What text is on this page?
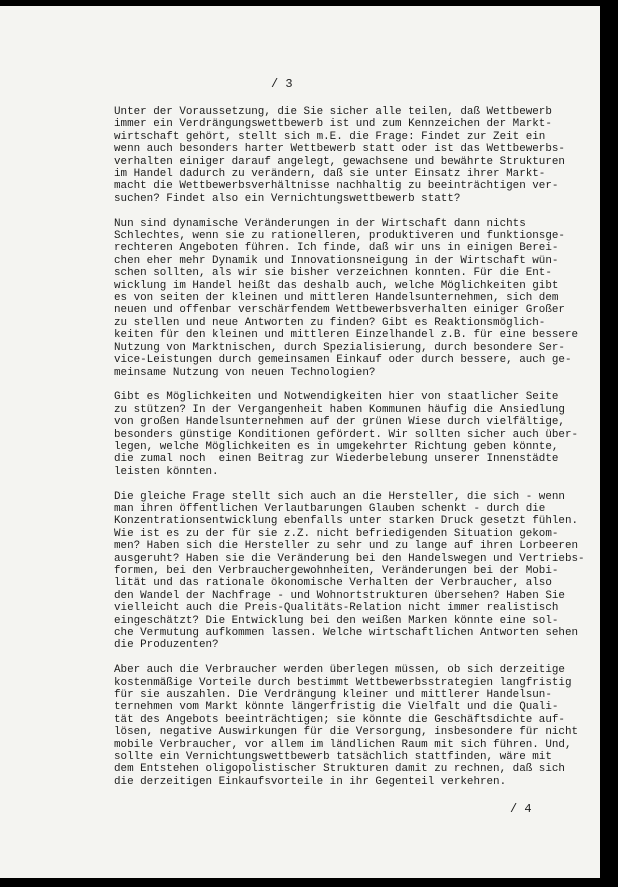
/ 3
Unter der Voraussetzung, die Sie sicher alle teilen, daß Wettbewerb
immer ein Verdrängungswettbewerb ist und zum Kennzeichen der Markt-
wirtschaft gehört, stellt sich m.E. die Frage: Findet zur Zeit ein
wenn auch besonders harter Wettbewerb statt oder ist das Wettbewerbs-
verhalten einiger darauf angelegt, gewachsene und bewährte Strukturen
im Handel dadurch zu verändern, daß sie unter Einsatz ihrer Markt-
macht die Wettbewerbsverhältnisse nachhaltig zu beeinträchtigen ver-
suchen? Findet also ein Vernichtungswettbewerb statt?
Nun sind dynamische Veränderungen in der Wirtschaft dann nichts
Schlechtes, wenn sie zu rationelleren, produktiveren und funktionsge-
rechteren Angeboten führen. Ich finde, daß wir uns in einigen Berei-
chen eher mehr Dynamik und Innovationsneigung in der Wirtschaft wün-
schen sollten, als wir sie bisher verzeichnen konnten. Für die Ent-
wicklung im Handel heißt das deshalb auch, welche Möglichkeiten gibt
es von seiten der kleinen und mittleren Handelsunternehmen, sich dem
neuen und offenbar verschärfendem Wettbewerbsverhalten einiger Großer
zu stellen und neue Antworten zu finden? Gibt es Reaktionsmöglich-
keiten für den kleinen und mittleren Einzelhandel z.B. für eine bessere
Nutzung von Marktnischen, durch Spezialisierung, durch besondere Ser-
vice-Leistungen durch gemeinsamen Einkauf oder durch bessere, auch ge-
meinsame Nutzung von neuen Technologien?
Gibt es Möglichkeiten und Notwendigkeiten hier von staatlicher Seite
zu stützen? In der Vergangenheit haben Kommunen häufig die Ansiedlung
von großen Handelsunternehmen auf der grünen Wiese durch vielfältige,
besonders günstige Konditionen gefördert. Wir sollten sicher auch über-
legen, welche Möglichkeiten es in umgekehrter Richtung geben könnte,
die zumal noch  einen Beitrag zur Wiederbelebung unserer Innenstädte
leisten könnten.
Die gleiche Frage stellt sich auch an die Hersteller, die sich - wenn
man ihren öffentlichen Verlautbarungen Glauben schenkt - durch die
Konzentrationsentwicklung ebenfalls unter starken Druck gesetzt fühlen.
Wie ist es zu der für sie z.Z. nicht befriedigenden Situation gekom-
men? Haben sich die Hersteller zu sehr und zu lange auf ihren Lorbeeren
ausgeruht? Haben sie die Veränderung bei den Handelswegen und Vertriebs-
formen, bei den Verbrauchergewohnheiten, Veränderungen bei der Mobi-
lität und das rationale ökonomische Verhalten der Verbraucher, also
den Wandel der Nachfrage - und Wohnortstrukturen übersehen? Haben Sie
vielleicht auch die Preis-Qualitäts-Relation nicht immer realistisch
eingeschätzt? Die Entwicklung bei den weißen Marken könnte eine sol-
che Vermutung aufkommen lassen. Welche wirtschaftlichen Antworten sehen
die Produzenten?
Aber auch die Verbraucher werden überlegen müssen, ob sich derzeitige
kostenmäßige Vorteile durch bestimmt Wettbewerbsstrategien langfristig
für sie auszahlen. Die Verdrängung kleiner und mittlerer Handelsun-
ternehmen vom Markt könnte längerfristig die Vielfalt und die Quali-
tät des Angebots beeinträchtigen; sie könnte die Geschäftsdichte auf-
lösen, negative Auswirkungen für die Versorgung, insbesondere für nicht
mobile Verbraucher, vor allem im ländlichen Raum mit sich führen. Und,
sollte ein Vernichtungswettbewerb tatsächlich stattfinden, wäre mit
dem Entstehen oligopolistischer Strukturen damit zu rechnen, daß sich
die derzeitigen Einkaufsvorteile in ihr Gegenteil verkehren.
/ 4
